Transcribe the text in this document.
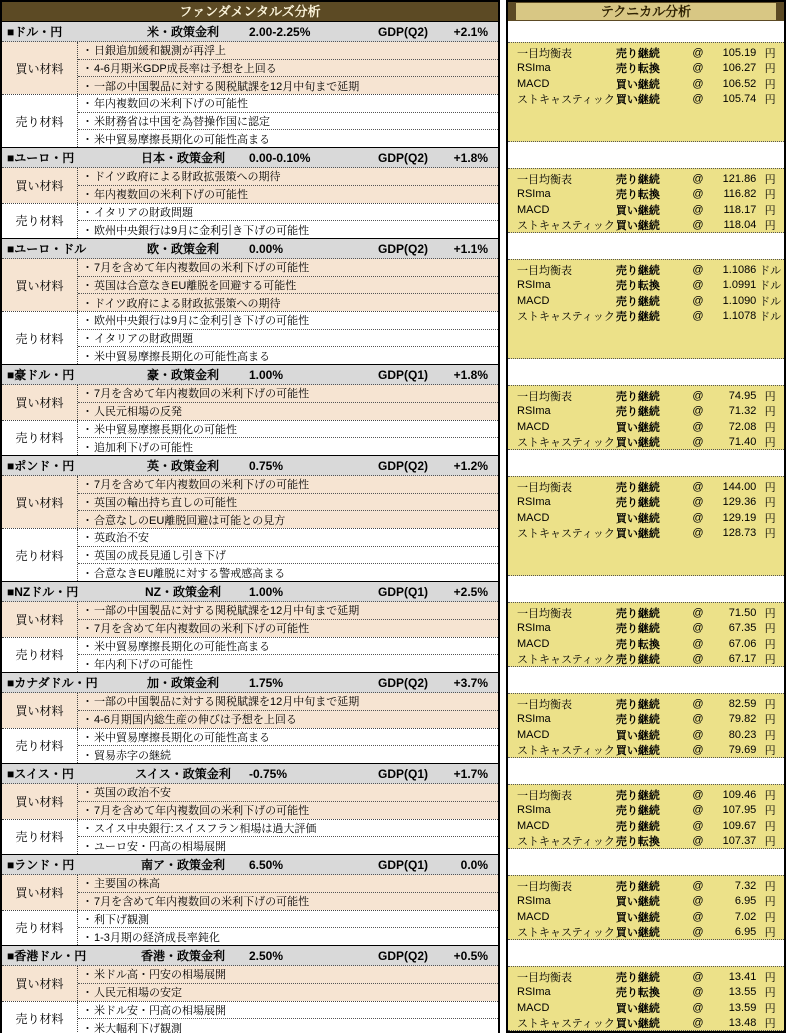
ファンダメンタルズ分析
■ドル・円	米・政策金利	2.00-2.25%	GDP(Q2)	+2.1%
買い材料
・ 日銀追加緩和観測が再浮上
・ 4-6月期米GDP成長率は予想を上回る
・ 一部の中国製品に対する関税賦課を12月中旬まで延期
売り材料
・ 年内複数回の米利下げの可能性
・ 米財務省は中国を為替操作国に認定
・ 米中貿易摩擦長期化の可能性高まる
■ユーロ・円	日本・政策金利	0.00-0.10%	GDP(Q2)	+1.8%
買い材料
・ ドイツ政府による財政拡張策への期待
・ 年内複数回の米利下げの可能性
売り材料
・ イタリアの財政問題
・ 欧州中央銀行は9月に金利引き下げの可能性
■ユーロ・ドル	欧・政策金利	0.00%	GDP(Q2)	+1.1%
買い材料
・ 7月を含めて年内複数回の米利下げの可能性
・ 英国は合意なきEU離脱を回避する可能性
・ ドイツ政府による財政拡張策への期待
売り材料
・ 欧州中央銀行は9月に金利引き下げの可能性
・ イタリアの財政問題
・ 米中貿易摩擦長期化の可能性高まる
■豪ドル・円	豪・政策金利	1.00%	GDP(Q1)	+1.8%
買い材料
・ 7月を含めて年内複数回の米利下げの可能性
・ 人民元相場の反発
売り材料
・ 米中貿易摩擦長期化の可能性
・ 追加利下げの可能性
■ポンド・円	英・政策金利	0.75%	GDP(Q2)	+1.2%
買い材料
・ 7月を含めて年内複数回の米利下げの可能性
・ 英国の輸出持ち直しの可能性
・ 合意なしのEU離脱回避は可能との見方
売り材料
・ 英政治不安
・ 英国の成長見通し引き下げ
・ 合意なきEU離脱に対する警戒感高まる
■NZドル・円	NZ・政策金利	1.00%	GDP(Q1)	+2.5%
買い材料
・ 一部の中国製品に対する関税賦課を12月中旬まで延期
・ 7月を含めて年内複数回の米利下げの可能性
売り材料
・ 米中貿易摩擦長期化の可能性高まる
・ 年内利下げの可能性
■カナダドル・円	加・政策金利	1.75%	GDP(Q2)	+3.7%
買い材料
・ 一部の中国製品に対する関税賦課を12月中旬まで延期
・ 4-6月期国内総生産の伸びは予想を上回る
売り材料
・ 米中貿易摩擦長期化の可能性高まる
・ 貿易赤字の継続
■スイス・円	スイス・政策金利	-0.75%	GDP(Q1)	+1.7%
買い材料
・ 英国の政治不安
・ 7月を含めて年内複数回の米利下げの可能性
売り材料
・ スイス中央銀行:スイスフラン相場は過大評価
・ ユーロ安・円高の相場展開
■ランド・円	南ア・政策金利	6.50%	GDP(Q1)	0.0%
買い材料
・ 主要国の株高
・ 7月を含めて年内複数回の米利下げの可能性
売り材料
・ 利下げ観測
・ 1-3月期の経済成長率鈍化
■香港ドル・円	香港・政策金利	2.50%	GDP(Q2)	+0.5%
買い材料
・ 米ドル高・円安の相場展開
・ 人民元相場の安定
売り材料
・ 米ドル安・円高の相場展開
・ 米大幅利下げ観測
テクニカル分析
一目均衡表	売り継続	@	105.19 円
RSIma	売り転換	@	106.27 円
MACD	買い継続	@	106.52 円
ストキャスティック 買い継続	@	105.74 円
一目均衡表	売り継続	@	121.86 円
RSIma	売り転換	@	116.82 円
MACD	買い継続	@	118.17 円
ストキャスティック 買い継続	@	118.04 円
一目均衡表	売り継続	@	1.1086 ドル
RSIma	売り転換	@	1.0991 ドル
MACD	売り継続	@	1.1090 ドル
ストキャスティック 売り継続	@	1.1078 ドル
一目均衡表	売り継続	@	74.95 円
RSIma	売り継続	@	71.32 円
MACD	買い継続	@	72.08 円
ストキャスティック 買い継続	@	71.40 円
一目均衡表	売り継続	@	144.00 円
RSIma	売り継続	@	129.36 円
MACD	買い継続	@	129.19 円
ストキャスティック 買い継続	@	128.73 円
一目均衡表	売り継続	@	71.50 円
RSIma	売り継続	@	67.35 円
MACD	売り転換	@	67.06 円
ストキャスティック 売り継続	@	67.17 円
一目均衡表	売り継続	@	82.59 円
RSIma	売り継続	@	79.82 円
MACD	買い継続	@	80.23 円
ストキャスティック 買い継続	@	79.69 円
一目均衡表	売り継続	@	109.46 円
RSIma	売り継続	@	107.95 円
MACD	売り継続	@	109.67 円
ストキャスティック 売り転換	@	107.37 円
一目均衡表	売り継続	@	7.32 円
RSIma	買い継続	@	6.95 円
MACD	買い継続	@	7.02 円
ストキャスティック 買い継続	@	6.95 円
一目均衡表	売り継続	@	13.41 円
RSIma	売り転換	@	13.55 円
MACD	買い継続	@	13.59 円
ストキャスティック 買い継続	@	13.48 円
